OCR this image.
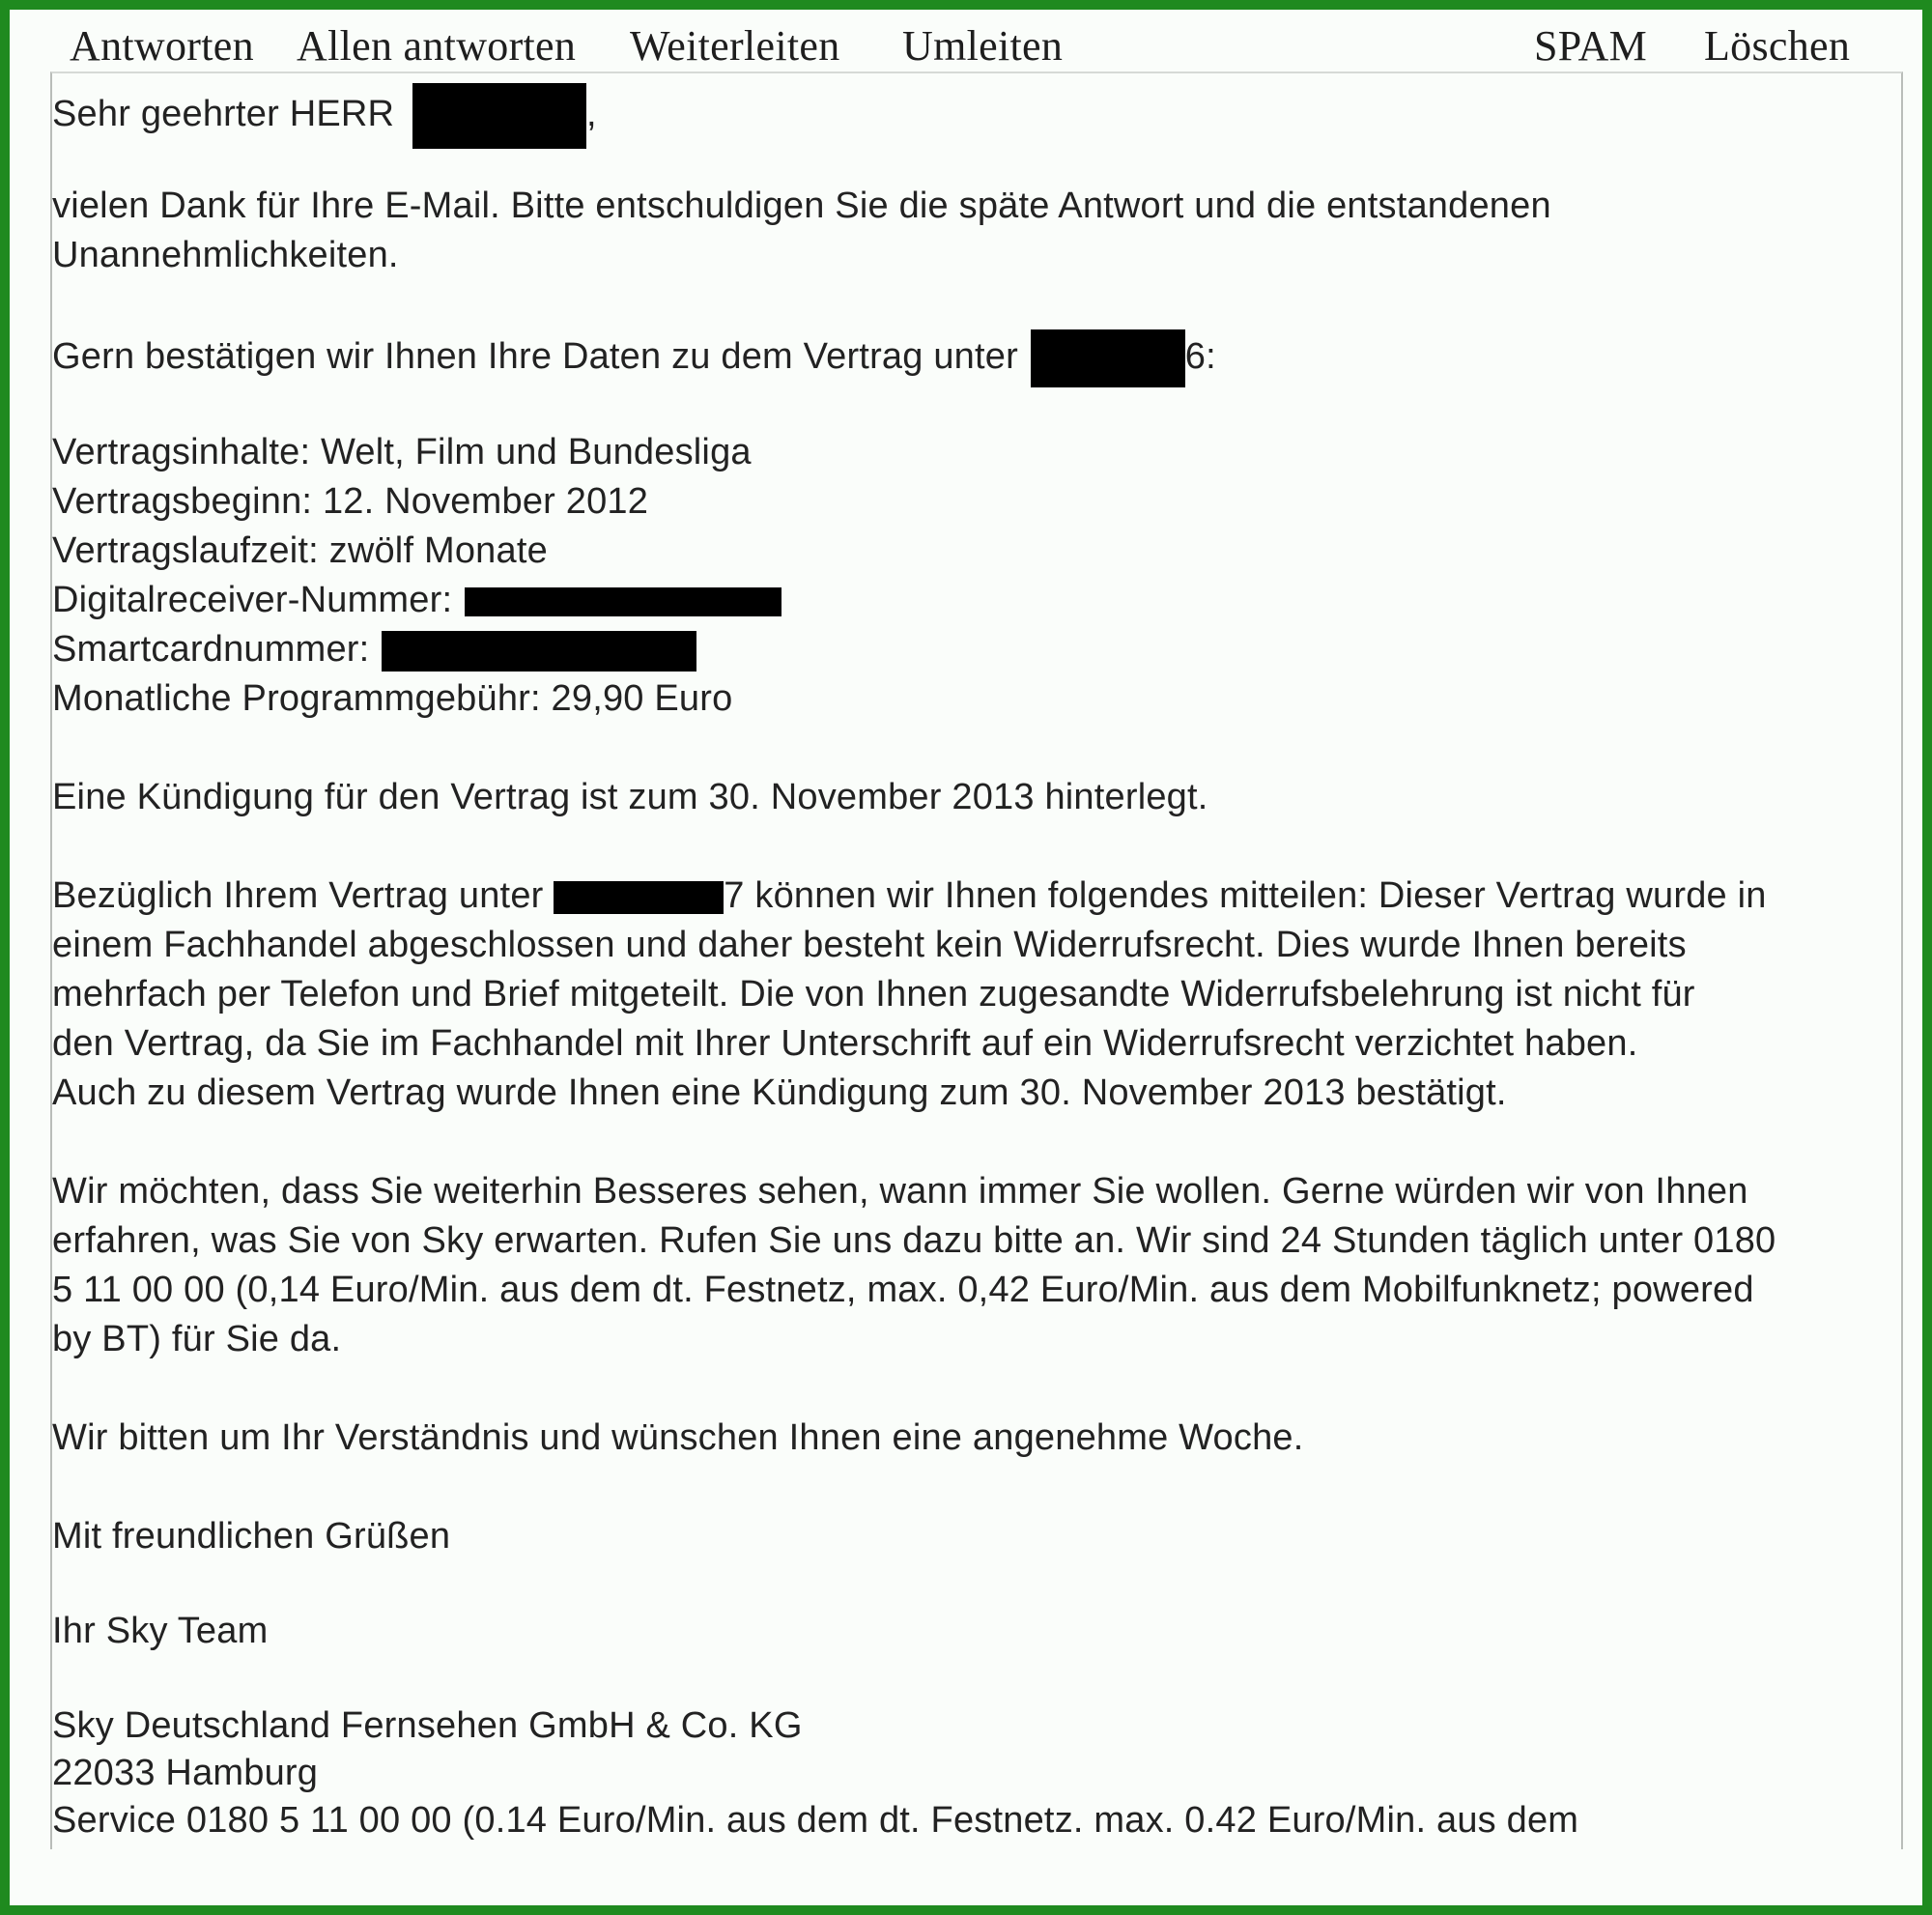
Antworten Allen antworten Weiterleiten Umleiten	SPAM Löschen
Sehr geehrter HERR	,
vielen Dank für Ihre E-Mail. Bitte entschuldigen Sie die späte Antwort und die entstandenen
Unannehmlichkeiten.
Gern bestätigen wir Ihnen Ihre Daten zu dem Vertrag unter	6:
Vertragsinhalte: Welt, Film und Bundesliga
Vertragsbeginn: 12. November 2012
Vertragslaufzeit: zwölf Monate
Digitalreceiver-Nummer:
Smartcardnummer:
Monatliche Programmgebühr: 29,90 Euro
Eine Kündigung für den Vertrag ist zum 30. November 2013 hinterlegt.
Bezüglich Ihrem Vertrag unter	7 können wir Ihnen folgendes mitteilen: Dieser Vertrag wurde in
einem Fachhandel abgeschlossen und daher besteht kein Widerrufsrecht. Dies wurde Ihnen bereits
mehrfach per Telefon und Brief mitgeteilt. Die von Ihnen zugesandte Widerrufsbelehrung ist nicht für
den Vertrag, da Sie im Fachhandel mit Ihrer Unterschrift auf ein Widerrufsrecht verzichtet haben.
Auch zu diesem Vertrag wurde Ihnen eine Kündigung zum 30. November 2013 bestätigt.
Wir möchten, dass Sie weiterhin Besseres sehen, wann immer Sie wollen. Gerne würden wir von Ihnen
erfahren, was Sie von Sky erwarten. Rufen Sie uns dazu bitte an. Wir sind 24 Stunden täglich unter 0180
5 11 00 00 (0,14 Euro/Min. aus dem dt. Festnetz, max. 0,42 Euro/Min. aus dem Mobilfunknetz; powered
by BT) für Sie da.
Wir bitten um Ihr Verständnis und wünschen Ihnen eine angenehme Woche.
Mit freundlichen Grüßen
Ihr Sky Team
Sky Deutschland Fernsehen GmbH & Co. KG
22033 Hamburg
Service 0180 5 11 00 00 (0.14 Euro/Min. aus dem dt. Festnetz. max. 0.42 Euro/Min. aus dem
